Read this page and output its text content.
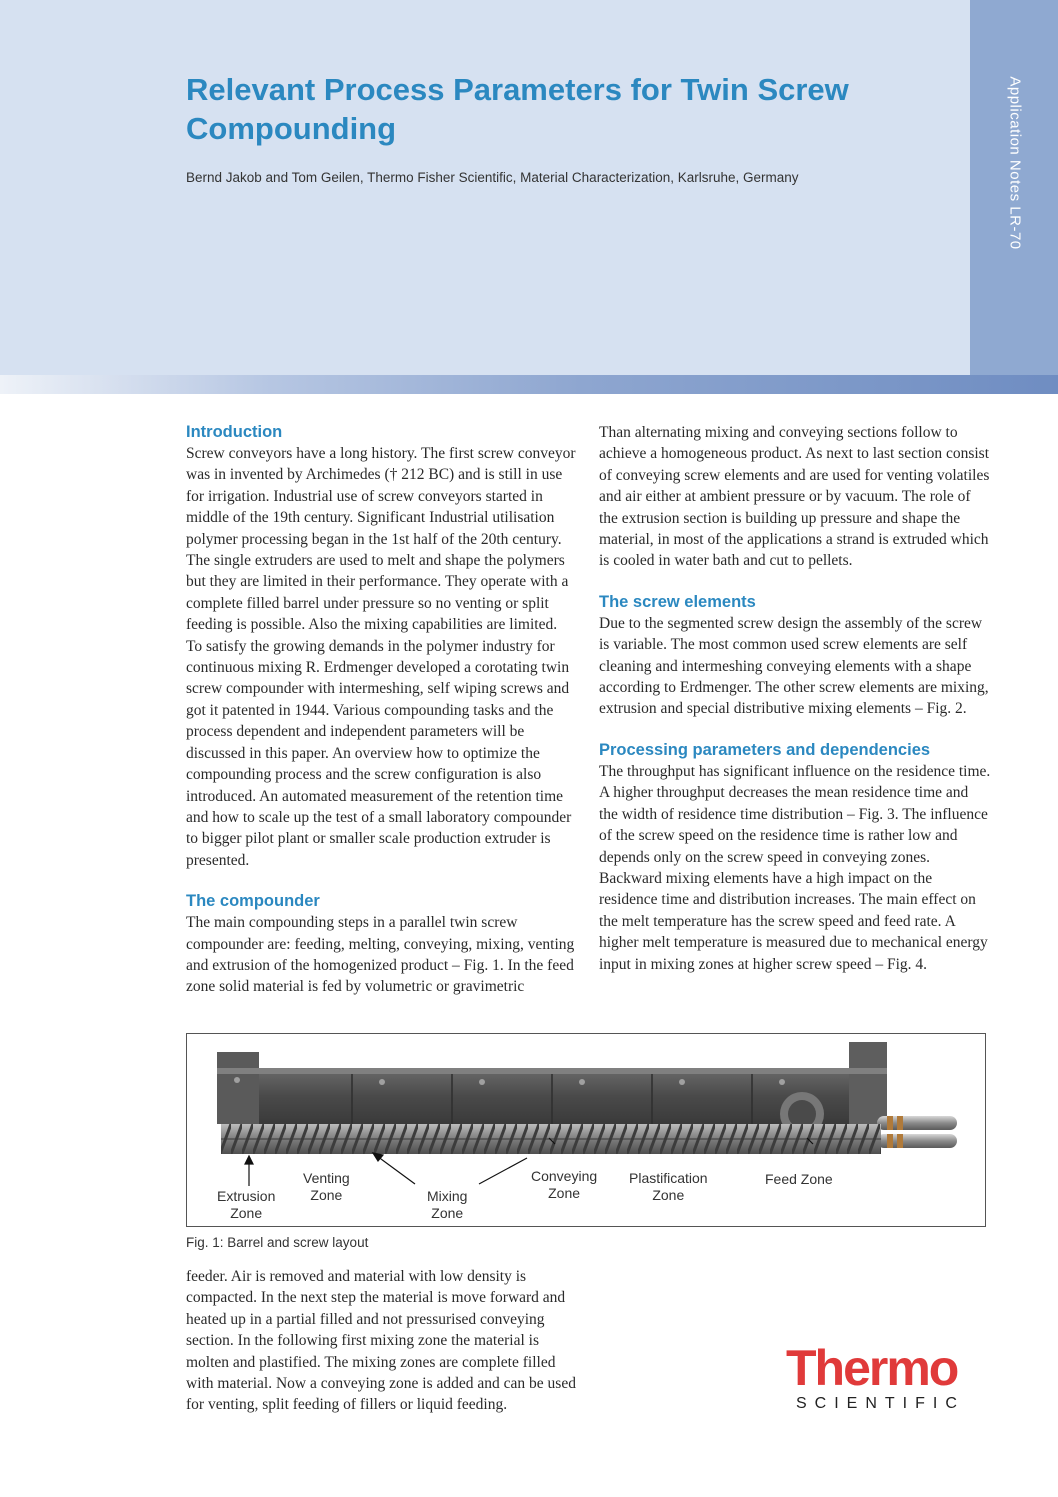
Application Notes LR-70
Relevant Process Parameters for Twin Screw Compounding

Bernd Jakob and Tom Geilen, Thermo Fisher Scientific, Material Characterization, Karlsruhe, Germany

Introduction

Screw conveyors have a long history. The first screw conveyor was in invented by Archimedes († 212 BC) and is still in use for irrigation. Industrial use of screw conveyors started in middle of the 19th century. Significant Industrial utilisation polymer processing began in the 1st half of the 20th century. The single extruders are used to melt and shape the polymers but they are limited in their performance. They operate with a complete filled barrel under pressure so no venting or split feeding is possible. Also the mixing capabilities are limited.

To satisfy the growing demands in the polymer industry for continuous mixing R. Erdmenger developed a corotating twin screw compounder with intermeshing, self wiping screws and got it patented in 1944. Various compounding tasks and the process dependent and independent parameters will be discussed in this paper. An overview how to optimize the compounding process and the screw configuration is also introduced. An automated measurement of the retention time and how to scale up the test of a small laboratory compounder to bigger pilot plant or smaller scale production extruder is presented.

The compounder

The main compounding steps in a parallel twin screw compounder are: feeding, melting, conveying, mixing, venting and extrusion of the homogenized product – Fig. 1. In the feed zone solid material is fed by volumetric or gravimetric

Than alternating mixing and conveying sections follow to achieve a homogeneous product. As next to last section consist of conveying screw elements and are used for venting volatiles and air either at ambient pressure or by vacuum. The role of the extrusion section is building up pressure and shape the material, in most of the applications a strand is extruded which is cooled in water bath and cut to pellets.

The screw elements

Due to the segmented screw design the assembly of the screw is variable. The most common used screw elements are self cleaning and intermeshing conveying elements with a shape according to Erdmenger. The other screw elements are mixing, extrusion and special distributive mixing elements – Fig. 2.

Processing parameters and dependencies

The throughput has significant influence on the residence time. A higher throughput decreases the mean residence time and the width of residence time distribution – Fig. 3. The influence of the screw speed on the residence time is rather low and depends only on the screw speed in conveying zones. Backward mixing elements have a high impact on the residence time and distribution increases. The main effect on the melt temperature has the screw speed and feed rate. A higher melt temperature is measured due to mechanical energy input in mixing zones at higher screw speed – Fig. 4.

Extrusion
Zone
Venting
Zone	Mixing
Zone
Conveying
Zone
Plastification
Zone
Feed Zone
Fig. 1: Barrel and screw layout

feeder. Air is removed and material with low density is compacted. In the next step the material is move forward and heated up in a partial filled and not pressurised conveying section. In the following first mixing zone the material is molten and plastified. The mixing zones are complete filled with material. Now a conveying zone is added and can be used for venting, split feeding of fillers or liquid feeding.

Thermo
SCIENTIFIC
